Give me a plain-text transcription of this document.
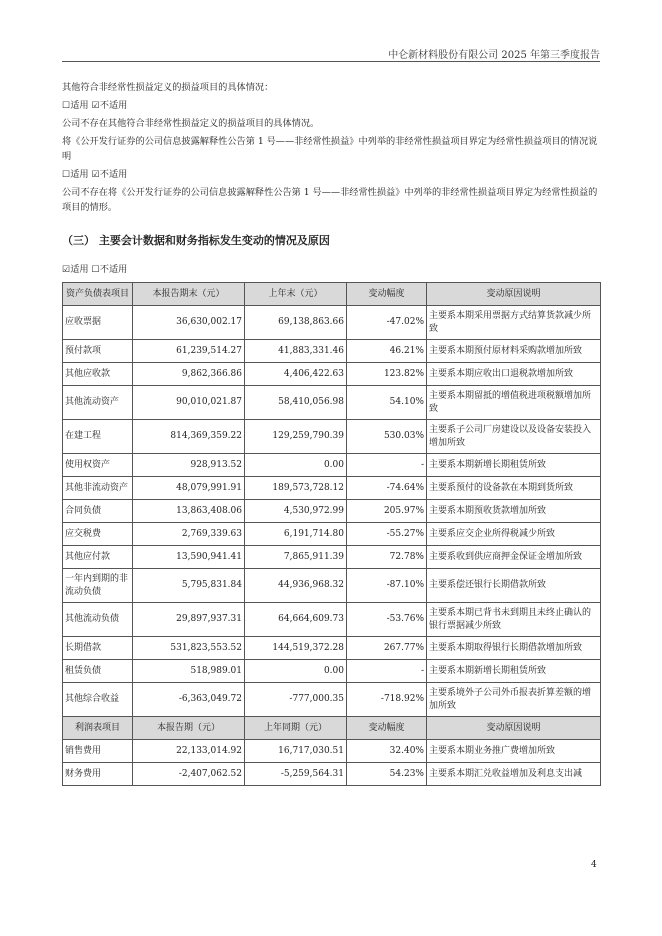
中仑新材料股份有限公司 2025 年第三季度报告
其他符合非经常性损益定义的损益项目的具体情况：
☐适用 ☑不适用
公司不存在其他符合非经常性损益定义的损益项目的具体情况。
将《公开发行证券的公司信息披露解释性公告第 1 号——非经常性损益》中列举的非经常性损益项目界定为经常性损益项目的情况说明
☐适用 ☑不适用
公司不存在将《公开发行证券的公司信息披露解释性公告第 1 号——非经常性损益》中列举的非经常性损益项目界定为经常性损益的项目的情形。
（三） 主要会计数据和财务指标发生变动的情况及原因
☑适用 ☐不适用
资产负债表项目	本报告期末（元）	上年末（元）	变动幅度	变动原因说明
应收票据	36,630,002.17	69,138,863.66	-47.02%	主要系本期采用票据方式结算货款减少所致
预付款项	61,239,514.27	41,883,331.46	46.21%	主要系本期预付原材料采购款增加所致
其他应收款	9,862,366.86	4,406,422.63	123.82%	主要系本期应收出口退税款增加所致
其他流动资产	90,010,021.87	58,410,056.98	54.10%	主要系本期留抵的增值税进项税额增加所致
在建工程	814,369,359.22	129,259,790.39	530.03%	主要系子公司厂房建设以及设备安装投入增加所致
使用权资产	928,913.52	0.00	-	主要系本期新增长期租赁所致
其他非流动资产	48,079,991.91	189,573,728.12	-74.64%	主要系预付的设备款在本期到货所致
合同负债	13,863,408.06	4,530,972.99	205.97%	主要系本期预收货款增加所致
应交税费	2,769,339.63	6,191,714.80	-55.27%	主要系应交企业所得税减少所致
其他应付款	13,590,941.41	7,865,911.39	72.78%	主要系收到供应商押金保证金增加所致
一年内到期的非流动负债	5,795,831.84	44,936,968.32	-87.10%	主要系偿还银行长期借款所致
其他流动负债	29,897,937.31	64,664,609.73	-53.76%	主要系本期已背书未到期且未终止确认的银行票据减少所致
长期借款	531,823,553.52	144,519,372.28	267.77%	主要系本期取得银行长期借款增加所致
租赁负债	518,989.01	0.00	-	主要系本期新增长期租赁所致
其他综合收益	-6,363,049.72	-777,000.35	-718.92%	主要系境外子公司外币报表折算差额的增加所致
利润表项目	本报告期（元）	上年同期（元）	变动幅度	变动原因说明
销售费用	22,133,014.92	16,717,030.51	32.40%	主要系本期业务推广费增加所致
财务费用	-2,407,062.52	-5,259,564.31	54.23%	主要系本期汇兑收益增加及利息支出减
4
